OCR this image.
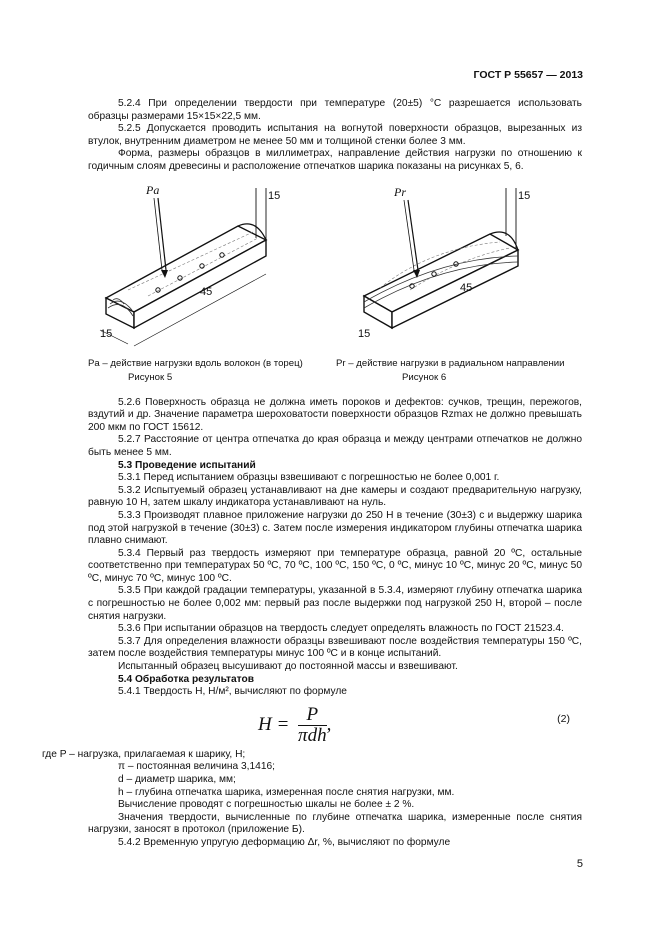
ГОСТ Р 55657 — 2013

5.2.4 При определении твердости при температуре (20±5) °С разрешается использовать образцы размерами 15×15×22,5 мм.

5.2.5 Допускается проводить испытания на вогнутой поверхности образцов, вырезанных из втулок, внутренним диаметром не менее 50 мм и толщиной стенки более 3 мм.

Форма, размеры образцов в миллиметрах, направление действия нагрузки по отношению к годичным слоям древесины и расположение отпечатков шарика показаны на рисунках 5, 6.

Pa	15
45
15
Pr	15
45
15
Pa – действие нагрузки вдоль волокон (в торец)
Рисунок 5
Pr – действие нагрузки в радиальном направлении
Рисунок 6

5.2.6 Поверхность образца не должна иметь пороков и дефектов: сучков, трещин, пережогов, вздутий и др. Значение параметра шероховатости поверхности образцов Rzmax не должно превышать 200 мкм по ГОСТ 15612.

5.2.7 Расстояние от центра отпечатка до края образца и между центрами отпечатков не должно быть менее 5 мм.

5.3 Проведение испытаний

5.3.1 Перед испытанием образцы взвешивают с погрешностью не более 0,001 г.

5.3.2 Испытуемый образец устанавливают на дне камеры и создают предварительную нагрузку, равную 10 Н, затем шкалу индикатора устанавливают на нуль.

5.3.3 Производят плавное приложение нагрузки до 250 Н в течение (30±3) с и выдержку шарика под этой нагрузкой в течение (30±3) с. Затем после измерения индикатором глубины отпечатка шарика плавно снимают.

5.3.4 Первый раз твердость измеряют при температуре образца, равной 20 ºС, остальные соответственно при температурах 50 ºС, 70 ºС, 100 ºС, 150 ºС, 0 ºС, минус 10 ºС, минус 20 ºС, минус 50 ºС, минус 70 ºС, минус 100 ºС.

5.3.5 При каждой градации температуры, указанной в 5.3.4, измеряют глубину отпечатка шарика с погрешностью не более 0,002 мм: первый раз после выдержки под нагрузкой 250 Н, второй – после снятия нагрузки.

5.3.6 При испытании образцов на твердость следует определять влажность по ГОСТ 21523.4.

5.3.7 Для определения влажности образцы взвешивают после воздействия температуры 150 ºС, затем после воздействия температуры минус 100 ºС и в конце испытаний.

Испытанный образец высушивают до постоянной массы и взвешивают.

5.4 Обработка результатов

5.4.1 Твердость Н, Н/м², вычисляют по формуле

$H = \frac{P}{\text{πdh}}$ ,	(2)

где P – нагрузка, прилагаемая к шарику, Н;

π – постоянная величина 3,1416;

d – диаметр шарика, мм;

h – глубина отпечатка шарика, измеренная после снятия нагрузки, мм.

Вычисление проводят с погрешностью шкалы не более ± 2 %.

Значения твердости, вычисленные по глубине отпечатка шарика, измеренные после снятия нагрузки, заносят в протокол (приложение Б).

5.4.2 Временную упругую деформацию Δr, %, вычисляют по формуле

5
